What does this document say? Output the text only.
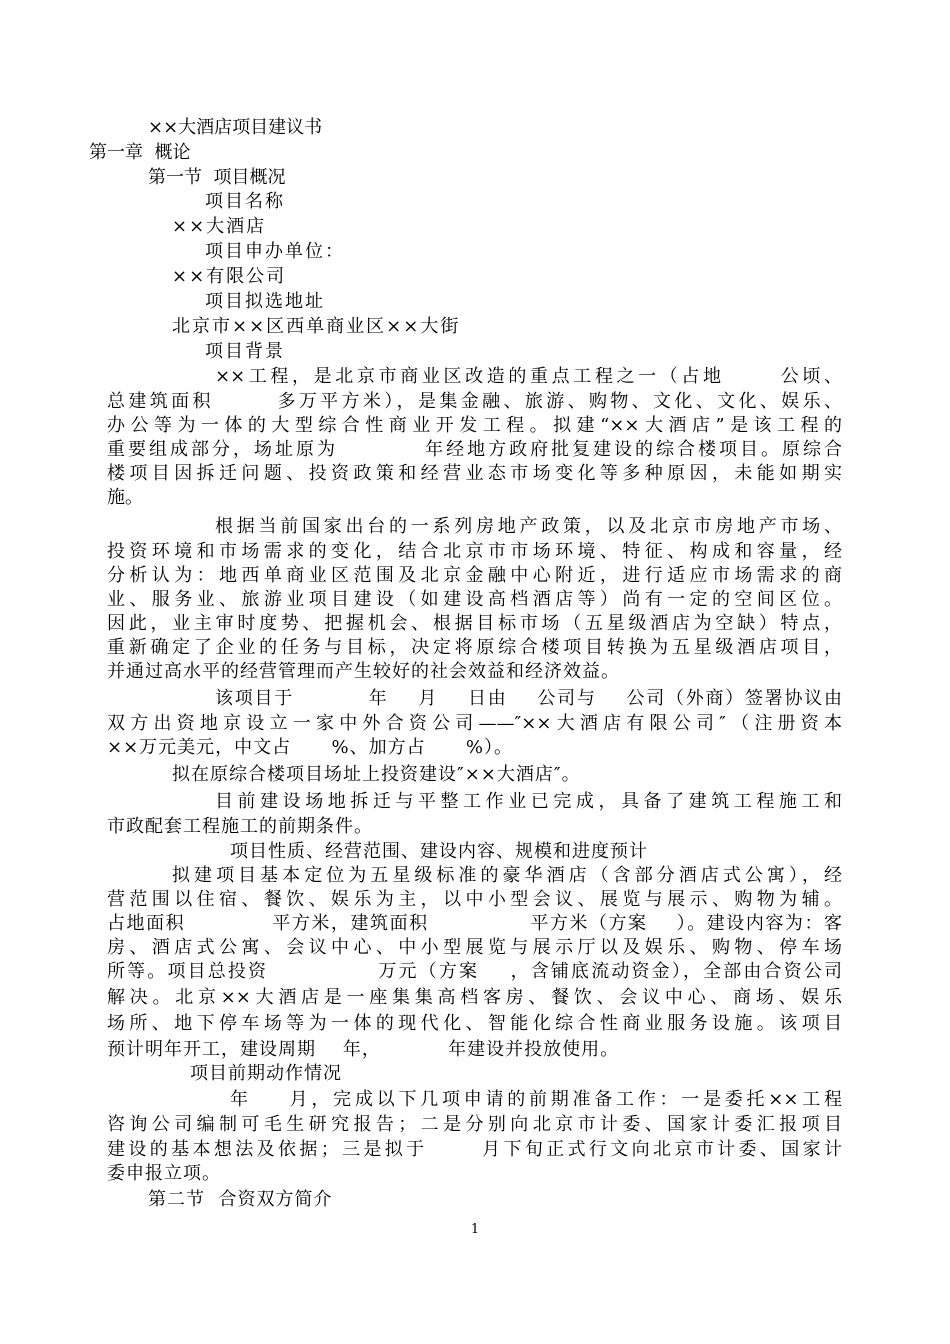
××大酒店项目建议书
第一章  概论
第一节  项目概况
项目名称
××大酒店
项目申办单位：
××有限公司
项目拟选地址
北京市××区西单商业区××大街
项目背景
××工程，是北京市商业区改造的重点工程之一（占地      公顷、
总建筑面积       多万平方米），是集金融、旅游、购物、文化、文化、娱乐、
办公等为一体的大型综合性商业开发工程。拟建“××大酒店”是该工程的
重要组成部分，场址原为          年经地方政府批复建设的综合楼项目。原综合
楼项目因拆迁问题、投资政策和经营业态市场变化等多种原因，未能如期实
施。
根据当前国家出台的一系列房地产政策，以及北京市房地产市场、
投资环境和市场需求的变化，结合北京市市场环境、特征、构成和容量，经
分析认为：地西单商业区范围及北京金融中心附近，进行适应市场需求的商
业、服务业、旅游业项目建设（如建设高档酒店等）尚有一定的空间区位。
因此，业主审时度势、把握机会、根据目标市场（五星级酒店为空缺）特点，
重新确定了企业的任务与目标，决定将原综合楼项目转换为五星级酒店项目，
并通过高水平的经营管理而产生较好的社会效益和经济效益。
该项目于          年    月    日由    公司与    公司（外商）签署协议由
双方出资地京设立一家中外合资公司——″××大酒店有限公司″（注册资本
××万元美元，中文占      %、加方占      %）。
拟在原综合楼项目场址上投资建设″××大酒店″。
目前建设场地拆迁与平整工作业已完成，具备了建筑工程施工和
市政配套工程施工的前期条件。
项目性质、经营范围、建设内容、规模和进度预计
拟建项目基本定位为五星级标准的豪华酒店（含部分酒店式公寓），经
营范围以住宿、餐饮、娱乐为主，以中小型会议、展览与展示、购物为辅。
占地面积            平方米，建筑面积              平方米（方案    ）。建设内容为：客
房、酒店式公寓、会议中心、中小型展览与展示厅以及娱乐、购物、停车场
所等。项目总投资              万元（方案    ，含铺底流动资金），全部由合资公司
解决。北京××大酒店是一座集集高档客房、餐饮、会议中心、商场、娱乐
场所、地下停车场等为一体的现代化、智能化综合性商业服务设施。该项目
预计明年开工，建设周期    年，          年建设并投放使用。
项目前期动作情况
年    月，完成以下几项申请的前期准备工作：一是委托××工程
咨询公司编制可毛生研究报告；二是分别向北京市计委、国家计委汇报项目
建设的基本想法及依据；三是拟于      月下旬正式行文向北京市计委、国家计
委申报立项。
第二节  合资双方简介
1
